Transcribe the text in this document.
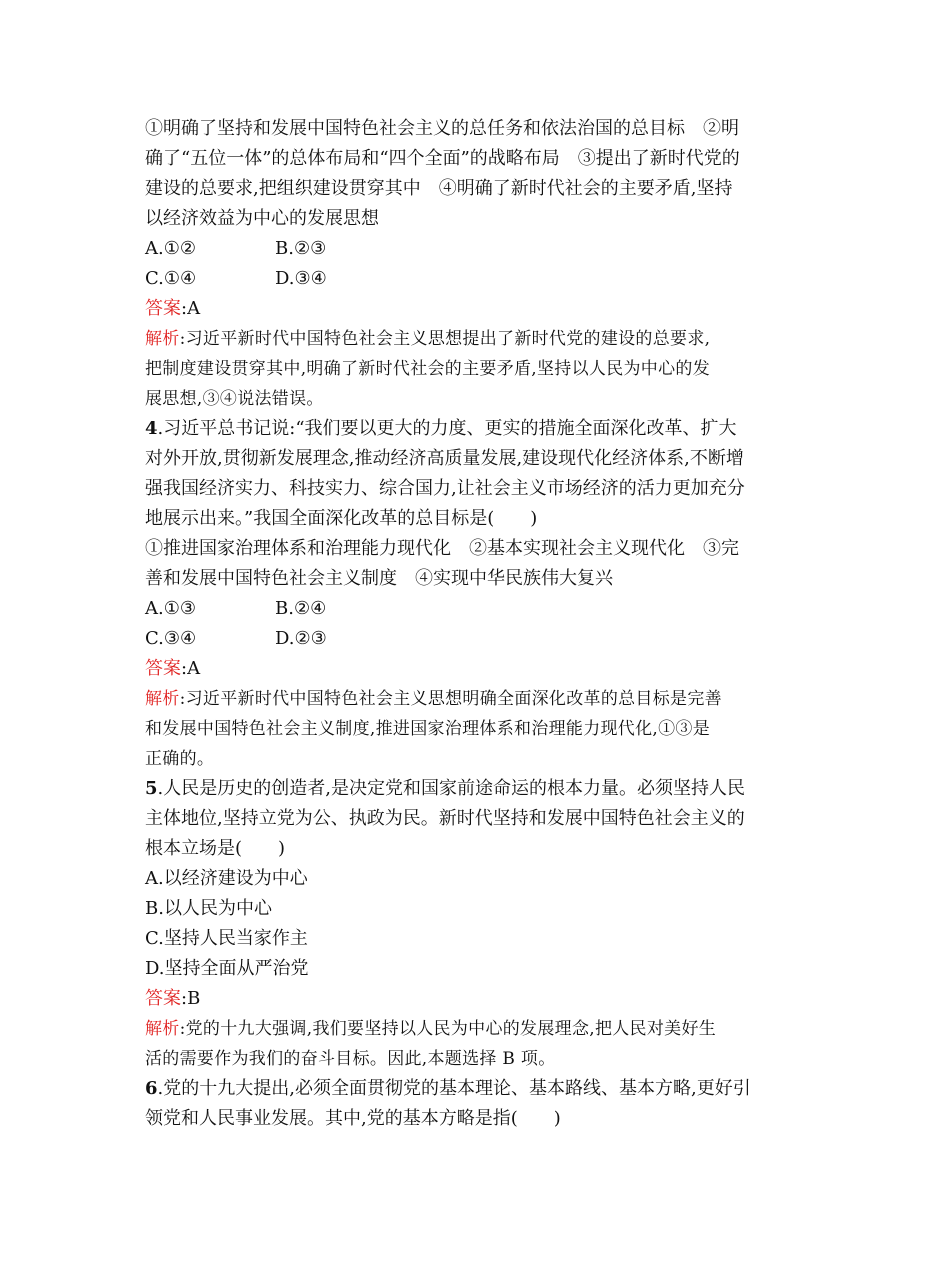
①明确了坚持和发展中国特色社会主义的总任务和依法治国的总目标　②明
确了“五位一体”的总体布局和“四个全面”的战略布局　③提出了新时代党的
建设的总要求,把组织建设贯穿其中　④明确了新时代社会的主要矛盾,坚持
以经济效益为中心的发展思想
A.①②	B.②③
C.①④	D.③④
答案:A
解析:习近平新时代中国特色社会主义思想提出了新时代党的建设的总要求,
把制度建设贯穿其中,明确了新时代社会的主要矛盾,坚持以人民为中心的发
展思想,③④说法错误。
4.习近平总书记说:“我们要以更大的力度、更实的措施全面深化改革、扩大
对外开放,贯彻新发展理念,推动经济高质量发展,建设现代化经济体系,不断增
强我国经济实力、科技实力、综合国力,让社会主义市场经济的活力更加充分
地展示出来。”我国全面深化改革的总目标是(　　)
①推进国家治理体系和治理能力现代化　②基本实现社会主义现代化　③完
善和发展中国特色社会主义制度　④实现中华民族伟大复兴
A.①③	B.②④
C.③④	D.②③
答案:A
解析:习近平新时代中国特色社会主义思想明确全面深化改革的总目标是完善
和发展中国特色社会主义制度,推进国家治理体系和治理能力现代化,①③是
正确的。
5.人民是历史的创造者,是决定党和国家前途命运的根本力量。必须坚持人民
主体地位,坚持立党为公、执政为民。新时代坚持和发展中国特色社会主义的
根本立场是(　　)
A.以经济建设为中心
B.以人民为中心
C.坚持人民当家作主
D.坚持全面从严治党
答案:B
解析:党的十九大强调,我们要坚持以人民为中心的发展理念,把人民对美好生
活的需要作为我们的奋斗目标。因此,本题选择 B 项。
6.党的十九大提出,必须全面贯彻党的基本理论、基本路线、基本方略,更好引
领党和人民事业发展。其中,党的基本方略是指(　　)
